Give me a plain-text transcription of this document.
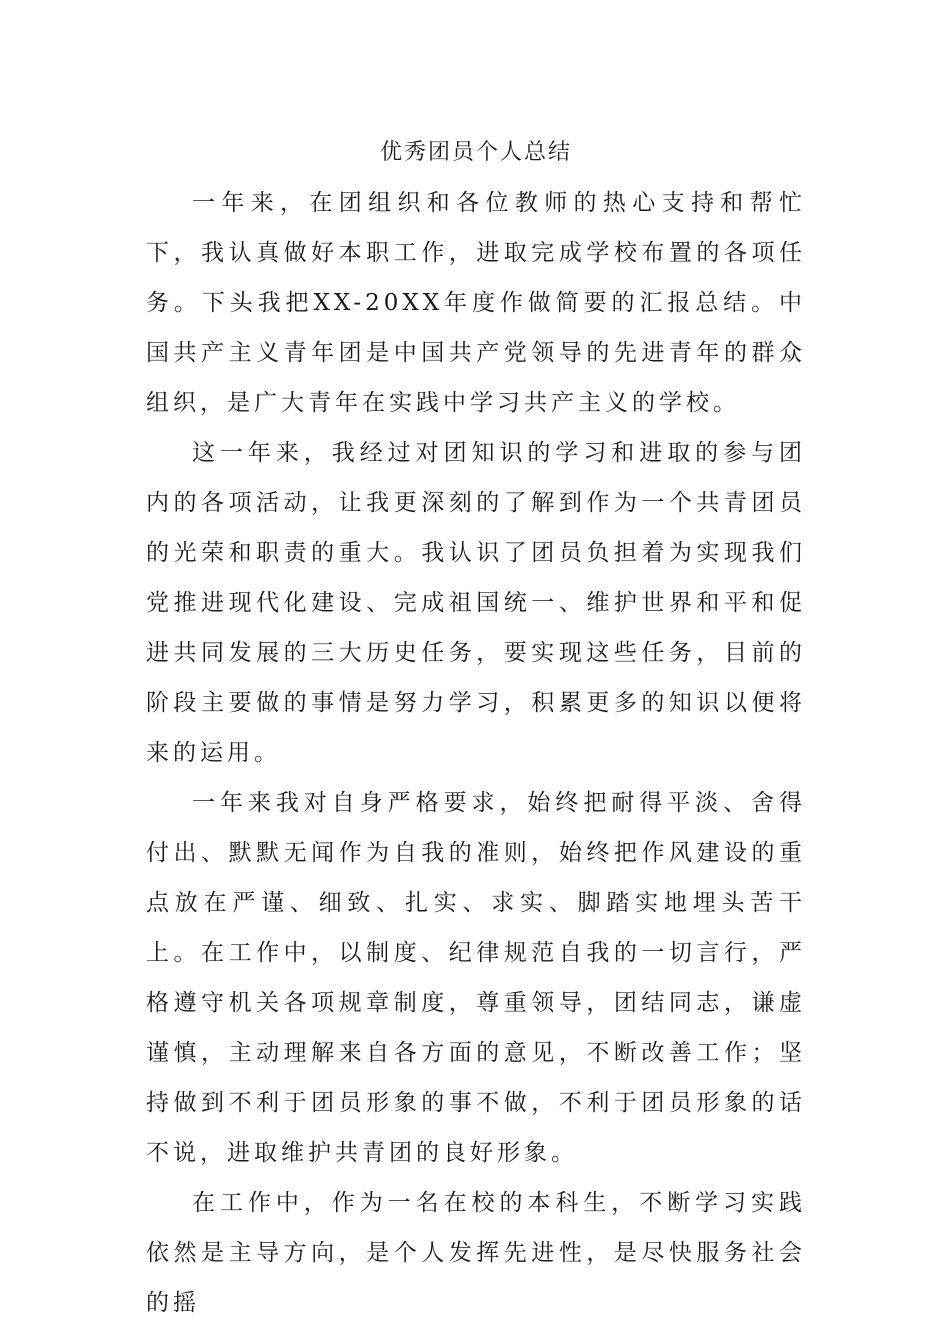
优秀团员个人总结

一年来，在团组织和各位教师的热心支持和帮忙下，我认真做好本职工作，进取完成学校布置的各项任务。下头我把XX-20XX年度作做简要的汇报总结。中国共产主义青年团是中国共产党领导的先进青年的群众组织，是广大青年在实践中学习共产主义的学校。

这一年来，我经过对团知识的学习和进取的参与团内的各项活动，让我更深刻的了解到作为一个共青团员的光荣和职责的重大。我认识了团员负担着为实现我们党推进现代化建设、完成祖国统一、维护世界和平和促进共同发展的三大历史任务，要实现这些任务，目前的阶段主要做的事情是努力学习，积累更多的知识以便将来的运用。

一年来我对自身严格要求，始终把耐得平淡、舍得付出、默默无闻作为自我的准则，始终把作风建设的重点放在严谨、细致、扎实、求实、脚踏实地埋头苦干上。在工作中，以制度、纪律规范自我的一切言行，严格遵守机关各项规章制度，尊重领导，团结同志，谦虚谨慎，主动理解来自各方面的意见，不断改善工作；坚持做到不利于团员形象的事不做，不利于团员形象的话不说，进取维护共青团的良好形象。

在工作中，作为一名在校的本科生，不断学习实践依然是主导方向，是个人发挥先进性，是尽快服务社会的摇
